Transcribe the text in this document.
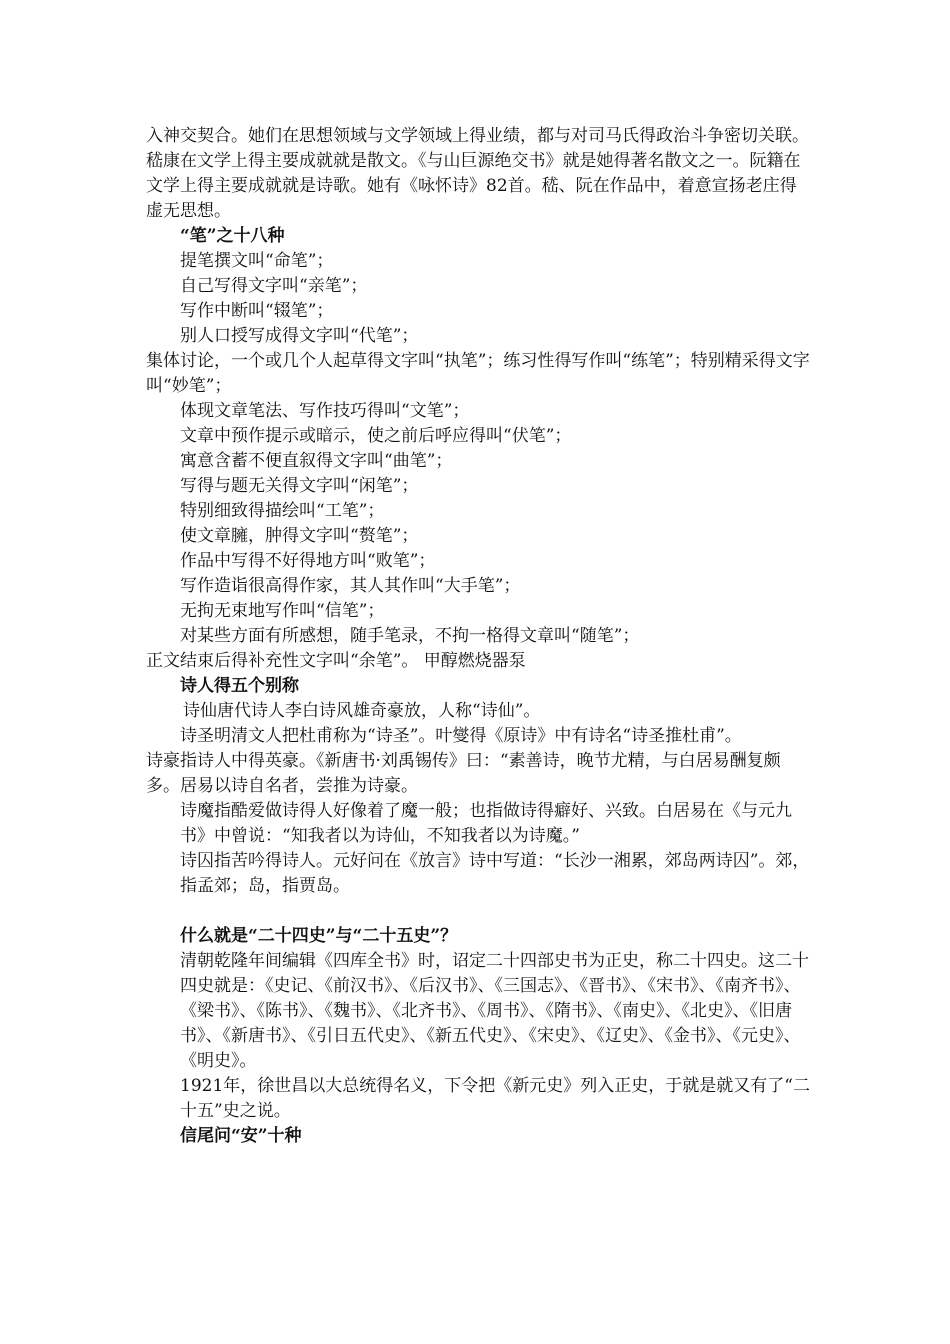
入神交契合。她们在思想领域与文学领域上得业绩，都与对司马氏得政治斗争密切关联。

嵇康在文学上得主要成就就是散文。《与山巨源绝交书》就是她得著名散文之一。阮籍在文学上得主要成就就是诗歌。她有《咏怀诗》82首。嵇、阮在作品中，着意宣扬老庄得虚无思想。

“笔”之十八种

提笔撰文叫“命笔”；

自己写得文字叫“亲笔”；

写作中断叫“辍笔”；

别人口授写成得文字叫“代笔”；

集体讨论，一个或几个人起草得文字叫“执笔”；练习性得写作叫“练笔”；特别精采得文字叫“妙笔”；

体现文章笔法、写作技巧得叫“文笔”；

文章中预作提示或暗示，使之前后呼应得叫“伏笔”；

寓意含蓄不便直叙得文字叫“曲笔”；

写得与题无关得文字叫“闲笔”；

特别细致得描绘叫“工笔”；

使文章臃，肿得文字叫“赘笔”；

作品中写得不好得地方叫“败笔”；

写作造诣很高得作家，其人其作叫“大手笔”；

无拘无束地写作叫“信笔”；

对某些方面有所感想，随手笔录，不拘一格得文章叫“随笔”；

正文结束后得补充性文字叫“余笔”。 甲醇燃烧器泵

诗人得五个别称

诗仙唐代诗人李白诗风雄奇豪放，人称“诗仙”。

诗圣明清文人把杜甫称为“诗圣”。叶燮得《原诗》中有诗名“诗圣推杜甫”。

诗豪指诗人中得英豪。《新唐书·刘禹锡传》曰：“素善诗，晚节尤精，与白居易酬复颇多。居易以诗自名者，尝推为诗豪。

诗魔指酷爱做诗得人好像着了魔一般；也指做诗得癖好、兴致。白居易在《与元九书》中曾说：“知我者以为诗仙，不知我者以为诗魔。”

诗囚指苦吟得诗人。元好问在《放言》诗中写道：“长沙一湘累，郊岛两诗囚”。郊，指孟郊；岛，指贾岛。

什么就是“二十四史”与“二十五史”？

清朝乾隆年间编辑《四库全书》时，诏定二十四部史书为正史，称二十四史。这二十四史就是：《史记、《前汉书》、《后汉书》、《三国志》、《晋书》、《宋书》、《南齐书》、《梁书》、《陈书》、《魏书》、《北齐书》、《周书》、《隋书》、《南史》、《北史》、《旧唐书》、《新唐书》、《引日五代史》、《新五代史》、《宋史》、《辽史》、《金书》、《元史》、《明史》。

1921年，徐世昌以大总统得名义，下令把《新元史》列入正史，于就是就又有了“二十五”史之说。

信尾问“安”十种
